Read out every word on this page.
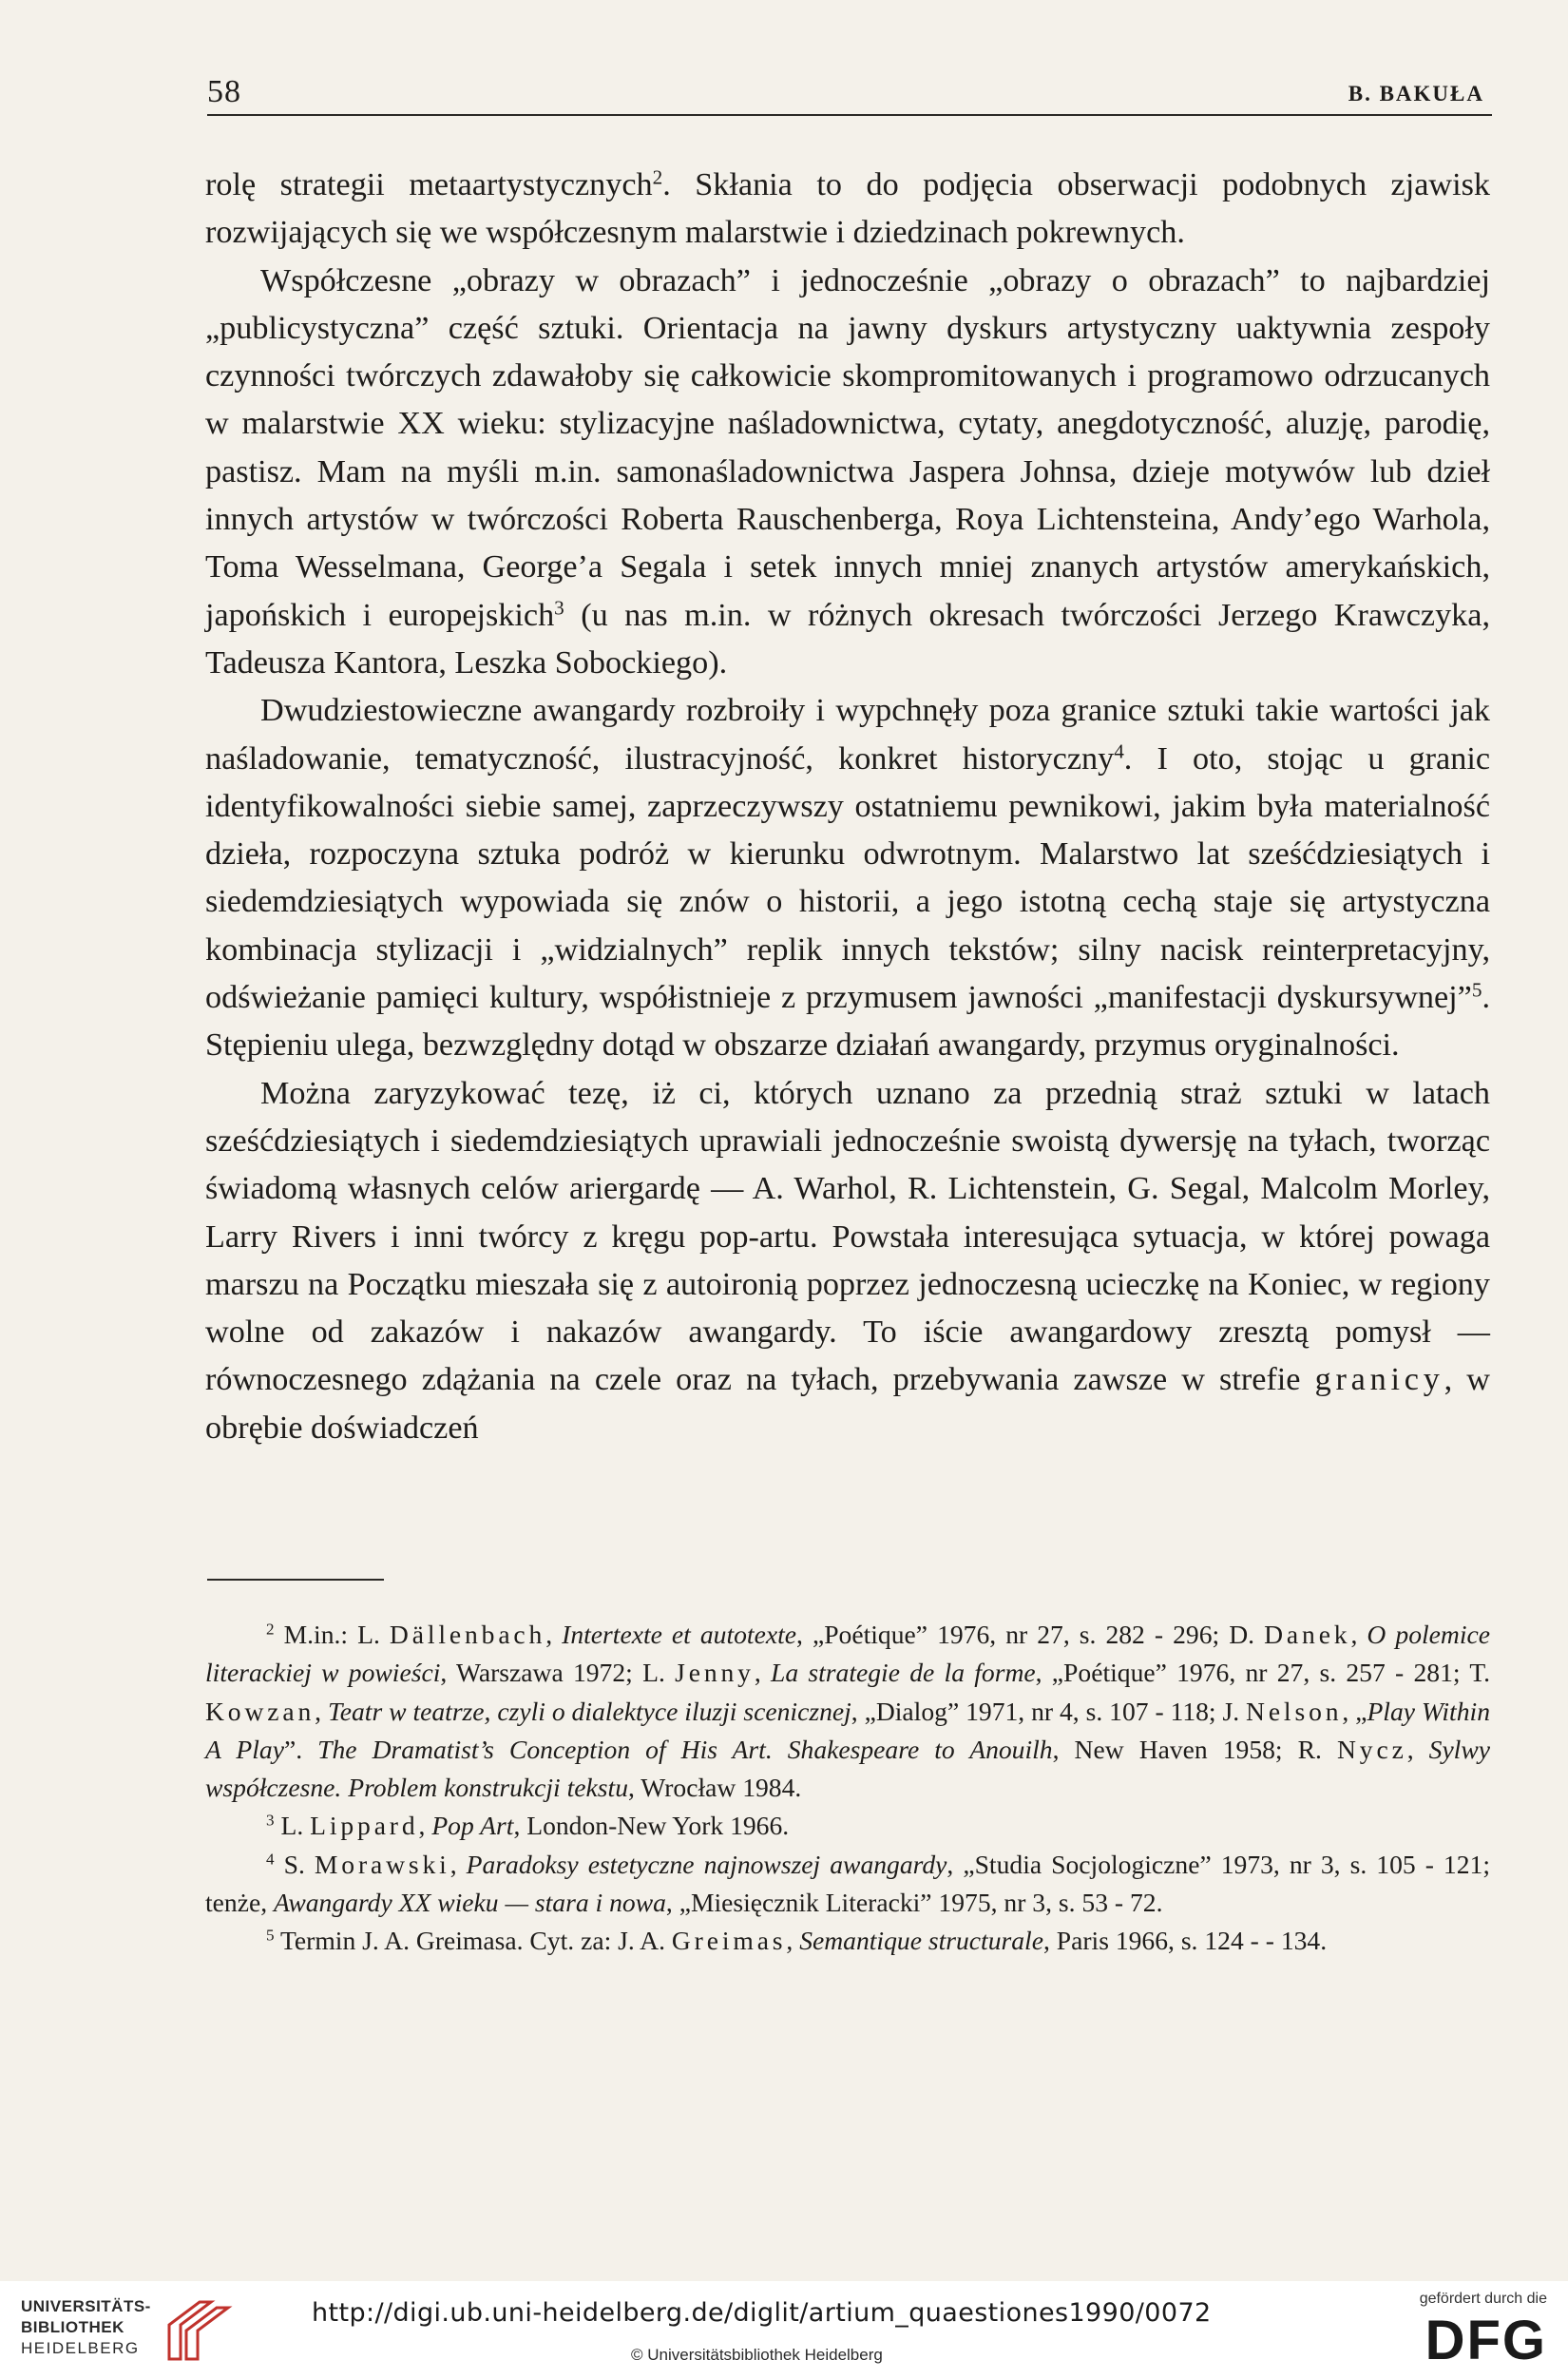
58	B. BAKUŁA

rolę strategii metaartystycznych$^2$. Skłania to do podjęcia obserwacji podobnych zjawisk rozwijających się we współczesnym malarstwie i dziedzinach pokrewnych.

Współczesne „obrazy w obrazach” i jednocześnie „obrazy o obrazach” to najbardziej „publicystyczna” część sztuki. Orientacja na jawny dyskurs artystyczny uaktywnia zespoły czynności twórczych zdawałoby się całkowicie skompromitowanych i programowo odrzucanych w malarstwie XX wieku: stylizacyjne naśladownictwa, cytaty, anegdotyczność, aluzję, parodię, pastisz. Mam na myśli m.in. samonaśladownictwa Jaspera Johnsa, dzieje motywów lub dzieł innych artystów w twórczości Roberta Rauschenberga, Roya Lichtensteina, Andy’ego Warhola, Toma Wesselmana, George’a Segala i setek innych mniej znanych artystów amerykańskich, japońskich i europejskich$^3$ (u nas m.in. w różnych okresach twórczości Jerzego Krawczyka, Tadeusza Kantora, Leszka Sobockiego).

Dwudziestowieczne awangardy rozbroiły i wypchnęły poza granice sztuki takie wartości jak naśladowanie, tematyczność, ilustracyjność, konkret historyczny$^4$. I oto, stojąc u granic identyfikowalności siebie samej, zaprzeczywszy ostatniemu pewnikowi, jakim była materialność dzieła, rozpoczyna sztuka podróż w kierunku odwrotnym. Malarstwo lat sześćdziesiątych i siedemdziesiątych wypowiada się znów o historii, a jego istotną cechą staje się artystyczna kombinacja stylizacji i „widzialnych” replik innych tekstów; silny nacisk reinterpretacyjny, odświeżanie pamięci kultury, współistnieje z przymusem jawności „manifestacji dyskursywnej”$^5$. Stępieniu ulega, bezwzględny dotąd w obszarze działań awangardy, przymus oryginalności.

Można zaryzykować tezę, iż ci, których uznano za przednią straż sztuki w latach sześćdziesiątych i siedemdziesiątych uprawiali jednocześnie swoistą dywersję na tyłach, tworząc świadomą własnych celów ariergardę — A. Warhol, R. Lichtenstein, G. Segal, Malcolm Morley, Larry Rivers i inni twórcy z kręgu pop-artu. Powstała interesująca sytuacja, w której powaga marszu na Początku mieszała się z autoironią poprzez jednoczesną ucieczkę na Koniec, w regiony wolne od zakazów i nakazów awangardy. To iście awangardowy zresztą pomysł — równoczesnego zdążania na czele oraz na tyłach, przebywania zawsze w strefie granicy, w obrębie doświadczeń

$^2$ M.in.: L. Dällenbach, Intertexte et autotexte, „Poétique” 1976, nr 27, s. 282 - 296; D. Danek, O polemice literackiej w powieści, Warszawa 1972; L. Jenny, La strategie de la forme, „Poétique” 1976, nr 27, s. 257 - 281; T. Kowzan, Teatr w teatrze, czyli o dialektyce iluzji scenicznej, „Dialog” 1971, nr 4, s. 107 - 118; J. Nelson, „Play Within A Play”. The Dramatist’s Conception of His Art. Shakespeare to Anouilh, New Haven 1958; R. Nycz, Sylwy współczesne. Problem konstrukcji tekstu, Wrocław 1984.

$^3$ L. Lippard, Pop Art, London-New York 1966.

$^4$ S. Morawski, Paradoksy estetyczne najnowszej awangardy, „Studia Socjologiczne” 1973, nr 3, s. 105 - 121; tenże, Awangardy XX wieku — stara i nowa, „Miesięcznik Literacki” 1975, nr 3, s. 53 - 72.

$^5$ Termin J. A. Greimasa. Cyt. za: J. A. Greimas, Semantique structurale, Paris 1966, s. 124 - - 134.

UNIVERSITÄTS-
BIBLIOTHEK
HEIDELBERG
http://digi.ub.uni-heidelberg.de/diglit/artium_quaestiones1990/0072
© Universitätsbibliothek Heidelberg
gefördert durch die
DFG
